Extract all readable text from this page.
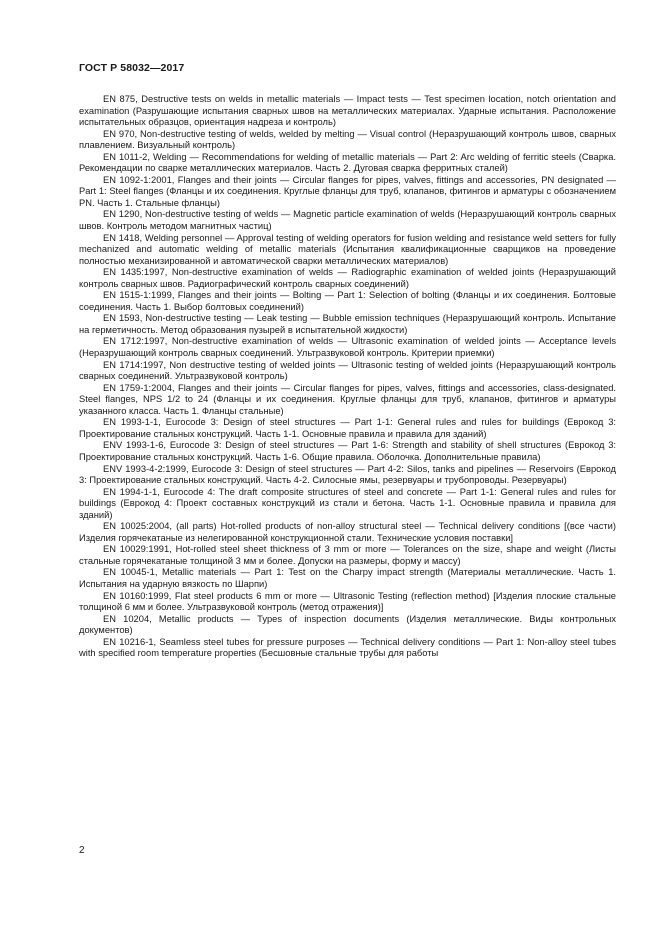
ГОСТ Р 58032—2017

EN 875, Destructive tests on welds in metallic materials — Impact tests — Test specimen location, notch orientation and examination (Разрушающие испытания сварных швов на металлических материалах. Ударные испытания. Расположение испытательных образцов, ориентация надреза и контроль)

EN 970, Non-destructive testing of welds, welded by melting — Visual control (Неразрушающий контроль швов, сварных плавлением. Визуальный контроль)

EN 1011-2, Welding — Recommendations for welding of metallic materials — Part 2: Arc welding of ferritic steels (Сварка. Рекомендации по сварке металлических материалов. Часть 2. Дуговая сварка ферритных сталей)

EN 1092-1:2001, Flanges and their joints — Circular flanges for pipes, valves, fittings and accessories, PN designated — Part 1: Steel flanges (Фланцы и их соединения. Круглые фланцы для труб, клапанов, фитингов и арматуры с обозначением PN. Часть 1. Стальные фланцы)

EN 1290, Non-destructive testing of welds — Magnetic particle examination of welds (Неразрушающий контроль сварных швов. Контроль методом магнитных частиц)

EN 1418, Welding personnel — Approval testing of welding operators for fusion welding and resistance weld setters for fully mechanized and automatic welding of metallic materials (Испытания квалификационные сварщиков на проведение полностью механизированной и автоматической сварки металлических материалов)

EN 1435:1997, Non-destructive examination of welds — Radiographic examination of welded joints (Неразрушающий контроль сварных швов. Радиографический контроль сварных соединений)

EN 1515-1:1999, Flanges and their joints — Bolting — Part 1: Selection of bolting (Фланцы и их соединения. Болтовые соединения. Часть 1. Выбор болтовых соединений)

EN 1593, Non-destructive testing — Leak testing — Bubble emission techniques (Неразрушающий контроль. Испытание на герметичность. Метод образования пузырей в испытательной жидкости)

EN 1712:1997, Non-destructive examination of welds — Ultrasonic examination of welded joints — Acceptance levels (Неразрушающий контроль сварных соединений. Ультразвуковой контроль. Критерии приемки)

EN 1714:1997, Non destructive testing of welded joints — Ultrasonic testing of welded joints (Неразрушающий контроль сварных соединений. Ультразвуковой контроль)

EN 1759-1:2004, Flanges and their joints — Circular flanges for pipes, valves, fittings and accessories, class-designated. Steel flanges, NPS 1/2 to 24 (Фланцы и их соединения. Круглые фланцы для труб, клапанов, фитингов и арматуры указанного класса. Часть 1. Фланцы стальные)

EN 1993-1-1, Eurocode 3: Design of steel structures — Part 1-1: General rules and rules for buildings (Еврокод 3: Проектирование стальных конструкций. Часть 1-1. Основные правила и правила для зданий)

ENV 1993-1-6, Eurocode 3: Design of steel structures — Part 1-6: Strength and stability of shell structures (Еврокод 3: Проектирование стальных конструкций. Часть 1-6. Общие правила. Оболочка. Дополнительные правила)

ENV 1993-4-2:1999, Eurocode 3: Design of steel structures — Part 4-2: Silos, tanks and pipelines — Reservoirs (Еврокод 3: Проектирование стальных конструкций. Часть 4-2. Силосные ямы, резервуары и трубопроводы. Резервуары)

EN 1994-1-1, Eurocode 4: The draft composite structures of steel and concrete — Part 1-1: General rules and rules for buildings (Еврокод 4: Проект составных конструкций из стали и бетона. Часть 1-1. Основные правила и правила для зданий)

EN 10025:2004, (all parts) Hot-rolled products of non-alloy structural steel — Technical delivery conditions [(все части) Изделия горячекатаные из нелегированной конструкционной стали. Технические условия поставки]

EN 10029:1991, Hot-rolled steel sheet thickness of 3 mm or more — Tolerances on the size, shape and weight (Листы стальные горячекатаные толщиной 3 мм и более. Допуски на размеры, форму и массу)

EN 10045-1, Metallic materials — Part 1: Test on the Charpy impact strength (Материалы металлические. Часть 1. Испытания на ударную вязкость по Шарпи)

EN 10160:1999, Flat steel products 6 mm or more — Ultrasonic Testing (reflection method) [Изделия плоские стальные толщиной 6 мм и более. Ультразвуковой контроль (метод отражения)]

EN 10204, Metallic products — Types of inspection documents (Изделия металлические. Виды контрольных документов)

EN 10216-1, Seamless steel tubes for pressure purposes — Technical delivery conditions — Part 1: Non-alloy steel tubes with specified room temperature properties (Бесшовные стальные трубы для работы

2
